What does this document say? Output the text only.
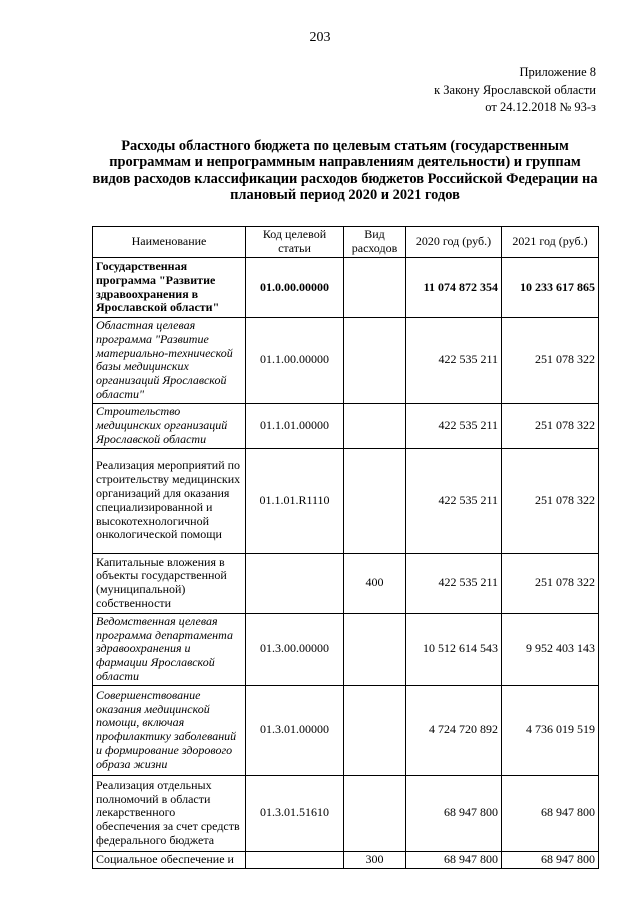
203
Приложение 8
к Закону Ярославской области
от 24.12.2018 № 93-з
Расходы областного бюджета по целевым статьям (государственным программам и непрограммным направлениям деятельности) и группам видов расходов классификации расходов бюджетов Российской Федерации на плановый период 2020 и 2021 годов
Наименование	Код целевой статьи	Вид расходов	2020 год (руб.)	2021 год (руб.)
Государственная программа "Развитие здравоохранения в Ярославской области"	01.0.00.00000		11 074 872 354	10 233 617 865
Областная целевая программа "Развитие материально-технической базы медицинских организаций Ярославской области"	01.1.00.00000		422 535 211	251 078 322
Строительство медицинских организаций Ярославской области	01.1.01.00000		422 535 211	251 078 322
Реализация мероприятий по строительству медицинских организаций для оказания специализированной и высокотехнологичной онкологической помощи	01.1.01.R1110		422 535 211	251 078 322
Капитальные вложения в объекты государственной (муниципальной) собственности		400	422 535 211	251 078 322
Ведомственная целевая программа департамента здравоохранения и фармации Ярославской области	01.3.00.00000		10 512 614 543	9 952 403 143
Совершенствование оказания медицинской помощи, включая профилактику заболеваний и формирование здорового образа жизни	01.3.01.00000		4 724 720 892	4 736 019 519
Реализация отдельных полномочий в области лекарственного обеспечения за счет средств федерального бюджета	01.3.01.51610		68 947 800	68 947 800
Социальное обеспечение и		300	68 947 800	68 947 800
